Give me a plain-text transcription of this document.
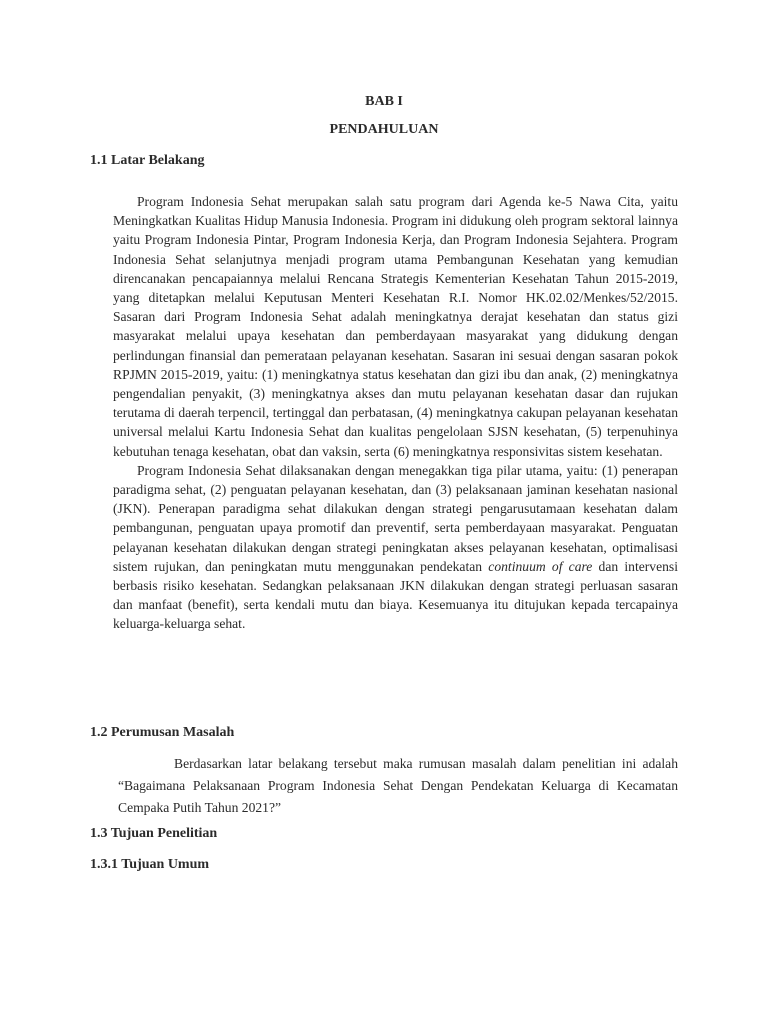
BAB I
PENDAHULUAN
1.1 Latar Belakang

Program Indonesia Sehat merupakan salah satu program dari Agenda ke-5 Nawa Cita, yaitu Meningkatkan Kualitas Hidup Manusia Indonesia. Program ini didukung oleh program sektoral lainnya yaitu Program Indonesia Pintar, Program Indonesia Kerja, dan Program Indonesia Sejahtera. Program Indonesia Sehat selanjutnya menjadi program utama Pembangunan Kesehatan yang kemudian direncanakan pencapaiannya melalui Rencana Strategis Kementerian Kesehatan Tahun 2015-2019, yang ditetapkan melalui Keputusan Menteri Kesehatan R.I. Nomor HK.02.02/Menkes/52/2015. Sasaran dari Program Indonesia Sehat adalah meningkatnya derajat kesehatan dan status gizi masyarakat melalui upaya kesehatan dan pemberdayaan masyarakat yang didukung dengan perlindungan finansial dan pemerataan pelayanan kesehatan. Sasaran ini sesuai dengan sasaran pokok RPJMN 2015-2019, yaitu: (1) meningkatnya status kesehatan dan gizi ibu dan anak, (2) meningkatnya pengendalian penyakit, (3) meningkatnya akses dan mutu pelayanan kesehatan dasar dan rujukan terutama di daerah terpencil, tertinggal dan perbatasan, (4) meningkatnya cakupan pelayanan kesehatan universal melalui Kartu Indonesia Sehat dan kualitas pengelolaan SJSN kesehatan, (5) terpenuhinya kebutuhan tenaga kesehatan, obat dan vaksin, serta (6) meningkatnya responsivitas sistem kesehatan.

Program Indonesia Sehat dilaksanakan dengan menegakkan tiga pilar utama, yaitu: (1) penerapan paradigma sehat, (2) penguatan pelayanan kesehatan, dan (3) pelaksanaan jaminan kesehatan nasional (JKN). Penerapan paradigma sehat dilakukan dengan strategi pengarusutamaan kesehatan dalam pembangunan, penguatan upaya promotif dan preventif, serta pemberdayaan masyarakat. Penguatan pelayanan kesehatan dilakukan dengan strategi peningkatan akses pelayanan kesehatan, optimalisasi sistem rujukan, dan peningkatan mutu menggunakan pendekatan continuum of care dan intervensi berbasis risiko kesehatan. Sedangkan pelaksanaan JKN dilakukan dengan strategi perluasan sasaran dan manfaat (benefit), serta kendali mutu dan biaya. Kesemuanya itu ditujukan kepada tercapainya keluarga-keluarga sehat.

1.2 Perumusan Masalah

Berdasarkan latar belakang tersebut maka rumusan masalah dalam penelitian ini adalah “Bagaimana Pelaksanaan Program Indonesia Sehat Dengan Pendekatan Keluarga di Kecamatan Cempaka Putih Tahun 2021?”

1.3 Tujuan Penelitian
1.3.1 Tujuan Umum
